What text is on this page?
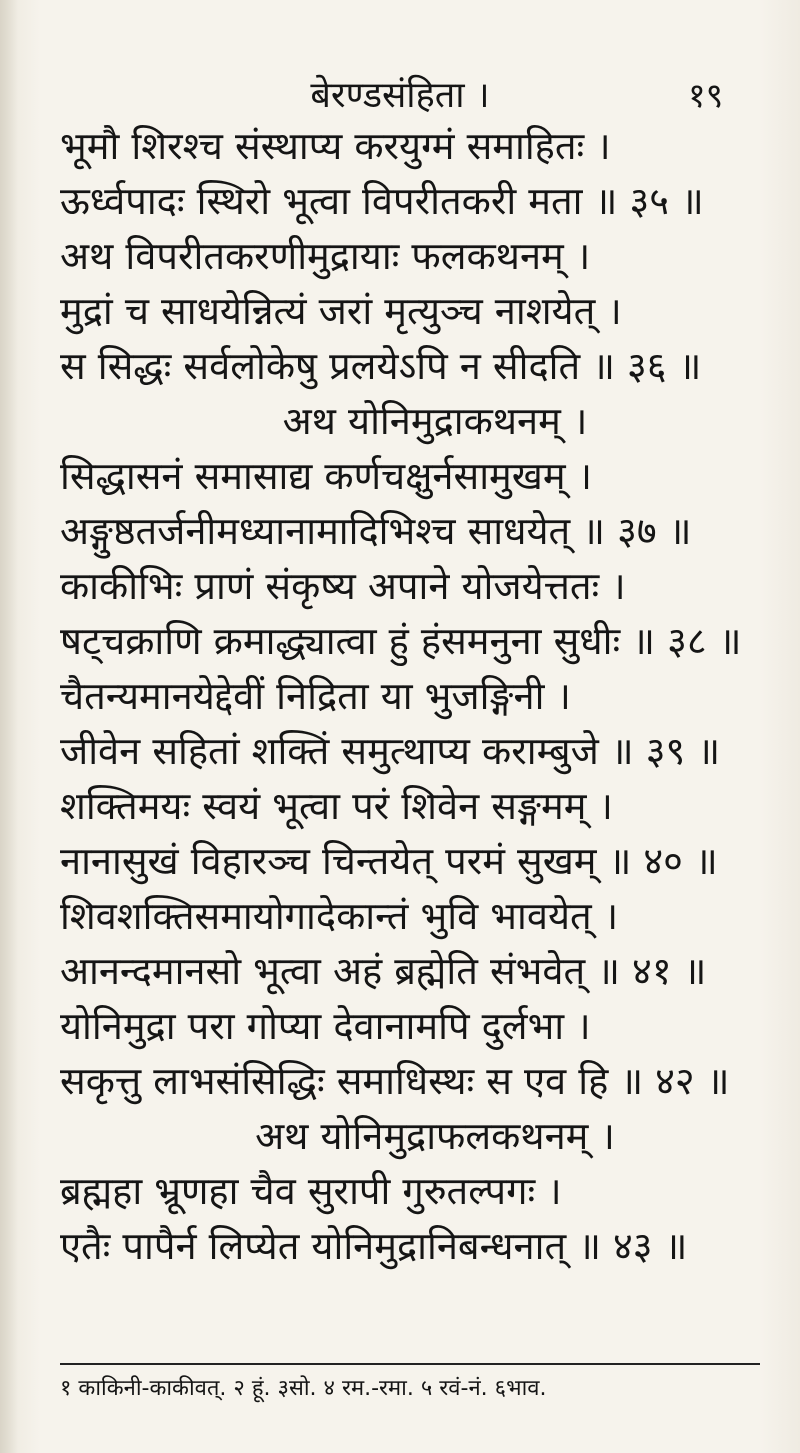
बेरण्डसंहिता ।	१९
भूमौ शिरश्च संस्थाप्य करयुग्मं समाहितः ।
ऊर्ध्वपादः स्थिरो भूत्वा विपरीतकरी मता ॥ ३५ ॥
अथ विपरीतकरणीमुद्रायाः फलकथनम् ।
मुद्रां च साधयेन्नित्यं जरां मृत्युञ्च नाशयेत् ।
स सिद्धः सर्वलोकेषु प्रलयेऽपि न सीदति ॥ ३६ ॥
अथ योनिमुद्राकथनम् ।
सिद्धासनं समासाद्य कर्णचक्षुर्नसामुखम् ।
अङ्गुष्ठतर्जनीमध्यानामादिभिश्च साधयेत् ॥ ३७ ॥
काकीभिः प्राणं संकृष्य अपाने योजयेत्ततः ।
षट्चक्राणि क्रमाद्ध्यात्वा हुं हंसमनुना सुधीः ॥ ३८ ॥
चैतन्यमानयेद्देवीं निद्रिता या भुजङ्गिनी ।
जीवेन सहितां शक्तिं समुत्थाप्य कराम्बुजे ॥ ३९ ॥
शक्तिमयः स्वयं भूत्वा परं शिवेन सङ्गमम् ।
नानासुखं विहारञ्च चिन्तयेत् परमं सुखम् ॥ ४० ॥
शिवशक्तिसमायोगादेकान्तं भुवि भावयेत् ।
आनन्दमानसो भूत्वा अहं ब्रह्मेति संभवेत् ॥ ४१ ॥
योनिमुद्रा परा गोप्या देवानामपि दुर्लभा ।
सकृत्तु लाभसंसिद्धिः समाधिस्थः स एव हि ॥ ४२ ॥
अथ योनिमुद्राफलकथनम् ।
ब्रह्महा भ्रूणहा चैव सुरापी गुरुतल्पगः ।
एतैः पापैर्न लिप्येत योनिमुद्रानिबन्धनात् ॥ ४३ ॥
१ काकिनी-काकीवत्. २ हूं. ३सो. ४ रम.-रमा. ५ रवं-नं. ६भाव.
